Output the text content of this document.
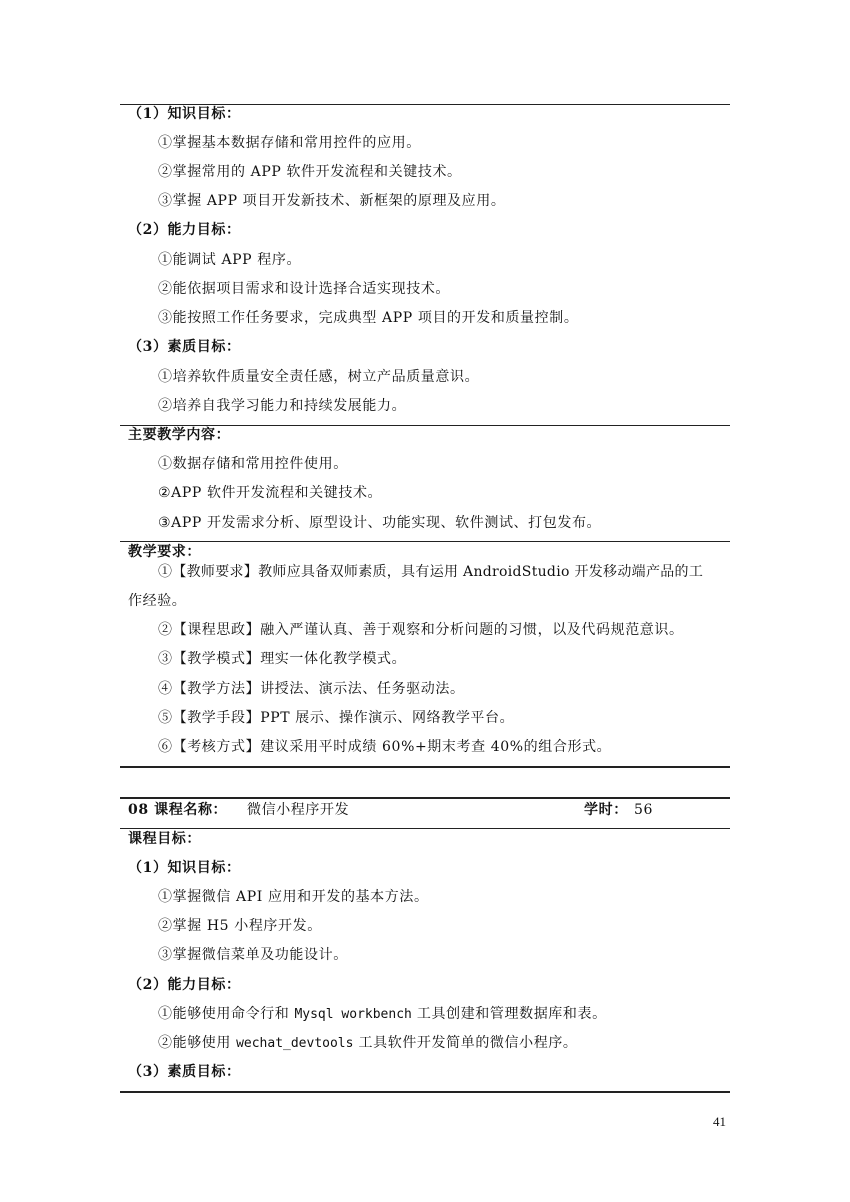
（1）知识目标：
①掌握基本数据存储和常用控件的应用。
②掌握常用的 APP 软件开发流程和关键技术。
③掌握 APP 项目开发新技术、新框架的原理及应用。
（2）能力目标：
①能调试 APP 程序。
②能依据项目需求和设计选择合适实现技术。
③能按照工作任务要求，完成典型 APP 项目的开发和质量控制。
（3）素质目标：
①培养软件质量安全责任感，树立产品质量意识。
②培养自我学习能力和持续发展能力。
主要教学内容：
①数据存储和常用控件使用。
②APP 软件开发流程和关键技术。
③APP 开发需求分析、原型设计、功能实现、软件测试、打包发布。
教学要求：
①【教师要求】教师应具备双师素质，具有运用 AndroidStudio 开发移动端产品的工
作经验。
②【课程思政】融入严谨认真、善于观察和分析问题的习惯，以及代码规范意识。
③【教学模式】理实一体化教学模式。
④【教学方法】讲授法、演示法、任务驱动法。
⑤【教学手段】PPT 展示、操作演示、网络教学平台。
⑥【考核方式】建议采用平时成绩 60%+期末考查 40%的组合形式。
08 课程名称： 微信小程序开发	学时： 56
课程目标：
（1）知识目标：
①掌握微信 API 应用和开发的基本方法。
②掌握 H5 小程序开发。
③掌握微信菜单及功能设计。
（2）能力目标：
①能够使用命令行和 Mysql workbench 工具创建和管理数据库和表。
②能够使用 wechat_devtools 工具软件开发简单的微信小程序。
（3）素质目标：
41
